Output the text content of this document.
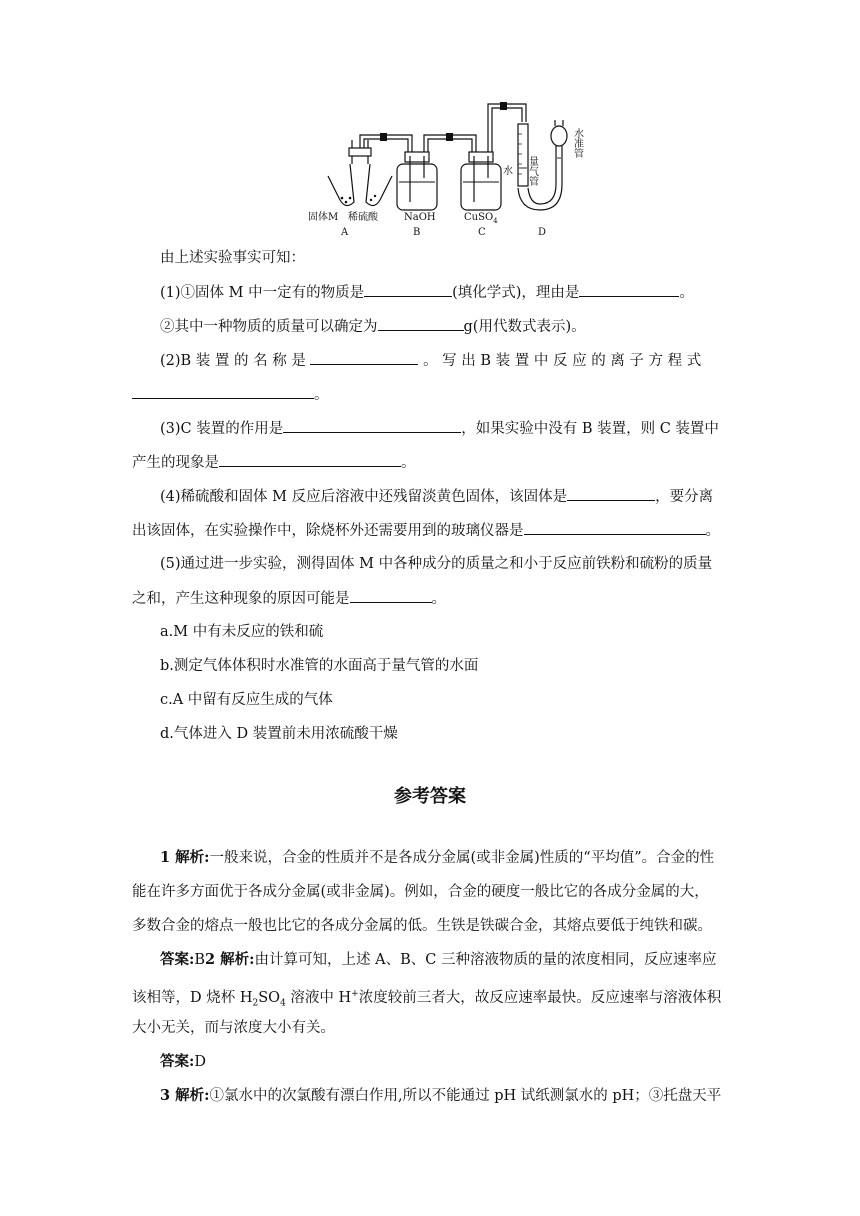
固体M 稀硫酸	NaOH	CuSO$_4$
水 量气管
水准管
A	B	C	D
由上述实验事实可知：
(1)①固体 M 中一定有的物质是	(填化学式)，理由是	。
②其中一种物质的质量可以确定为	g(用代数式表示)。
(2)B 装 置 的 名 称 是	。 写 出 B 装 置 中 反 应 的 离 子 方 程 式
。
(3)C 装置的作用是	，如果实验中没有 B 装置，则 C 装置中
产生的现象是	。
(4)稀硫酸和固体 M 反应后溶液中还残留淡黄色固体，该固体是	，要分离
出该固体，在实验操作中，除烧杯外还需要用到的玻璃仪器是	。
(5)通过进一步实验，测得固体 M 中各种成分的质量之和小于反应前铁粉和硫粉的质量
之和，产生这种现象的原因可能是	。
a.M 中有未反应的铁和硫
b.测定气体体积时水准管的水面高于量气管的水面
c.A 中留有反应生成的气体
d.气体进入 D 装置前未用浓硫酸干燥
参考答案
1 解析:一般来说，合金的性质并不是各成分金属(或非金属)性质的“平均值”。合金的性
能在许多方面优于各成分金属(或非金属)。例如，合金的硬度一般比它的各成分金属的大，
多数合金的熔点一般也比它的各成分金属的低。生铁是铁碳合金，其熔点要低于纯铁和碳。
答案:B2 解析:由计算可知，上述 A、B、C 三种溶液物质的量的浓度相同，反应速率应
该相等，D 烧杯 $H_2SO_4$ 溶液中 H+浓度较前三者大，故反应速率最快。反应速率与溶液体积
大小无关，而与浓度大小有关。
答案:D
3 解析:①氯水中的次氯酸有漂白作用,所以不能通过 pH 试纸测氯水的 pH；③托盘天平
